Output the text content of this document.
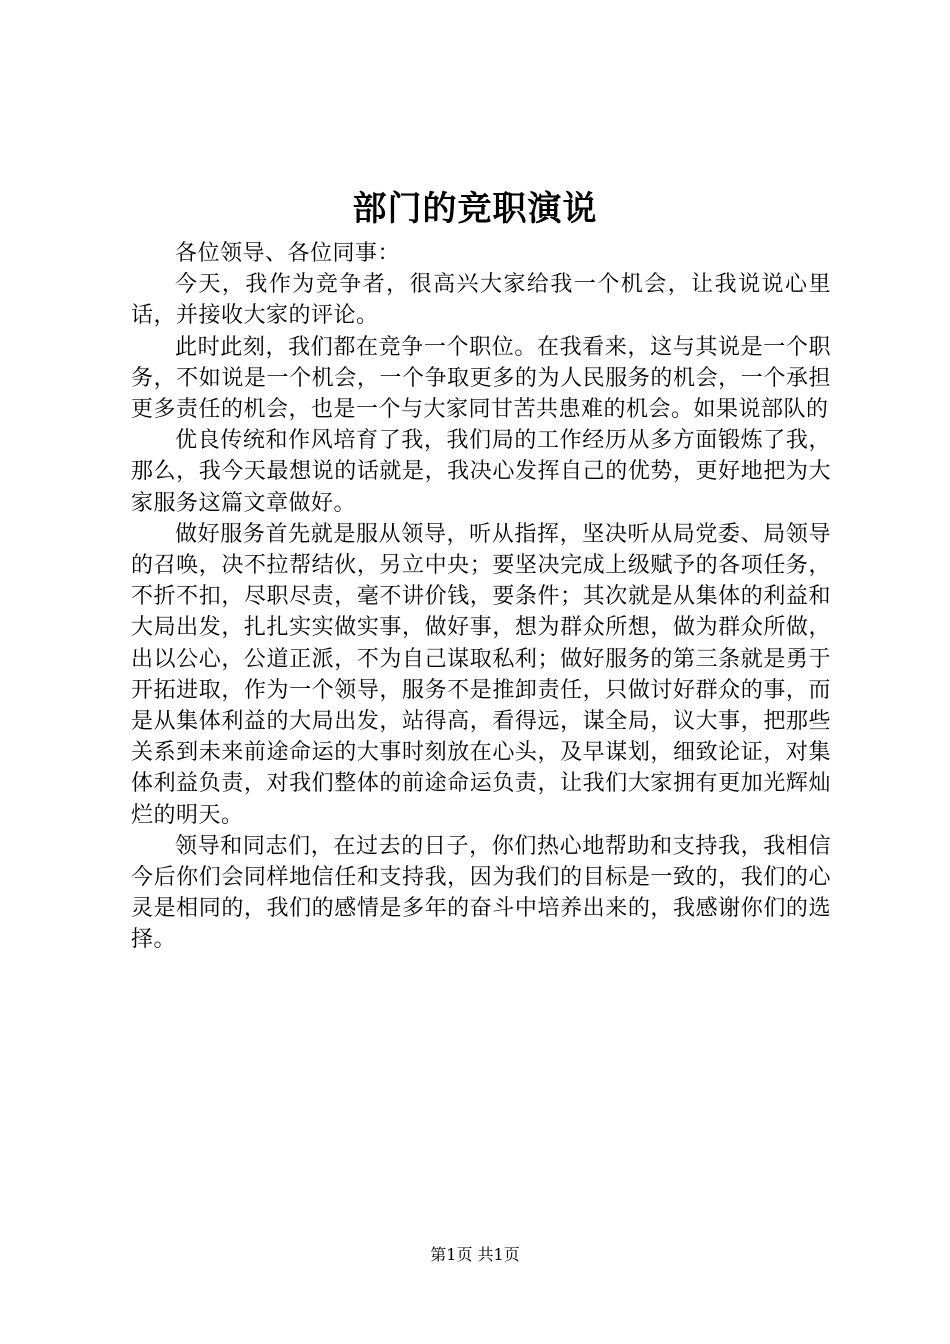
部门的竞职演说

各位领导、各位同事：

今天，我作为竞争者，很高兴大家给我一个机会，让我说说心里话，并接收大家的评论。

此时此刻，我们都在竞争一个职位。在我看来，这与其说是一个职务，不如说是一个机会，一个争取更多的为人民服务的机会，一个承担更多责任的机会，也是一个与大家同甘苦共患难的机会。如果说部队的

优良传统和作风培育了我，我们局的工作经历从多方面锻炼了我，那么，我今天最想说的话就是，我决心发挥自己的优势，更好地把为大家服务这篇文章做好。

做好服务首先就是服从领导，听从指挥，坚决听从局党委、局领导的召唤，决不拉帮结伙，另立中央；要坚决完成上级赋予的各项任务，不折不扣，尽职尽责，毫不讲价钱，要条件；其次就是从集体的利益和大局出发，扎扎实实做实事，做好事，想为群众所想，做为群众所做，出以公心，公道正派，不为自己谋取私利；做好服务的第三条就是勇于开拓进取，作为一个领导，服务不是推卸责任，只做讨好群众的事，而是从集体利益的大局出发，站得高，看得远，谋全局，议大事，把那些关系到未来前途命运的大事时刻放在心头，及早谋划，细致论证，对集体利益负责，对我们整体的前途命运负责，让我们大家拥有更加光辉灿烂的明天。

领导和同志们，在过去的日子，你们热心地帮助和支持我，我相信今后你们会同样地信任和支持我，因为我们的目标是一致的，我们的心灵是相同的，我们的感情是多年的奋斗中培养出来的，我感谢你们的选择。

第1页 共1页
